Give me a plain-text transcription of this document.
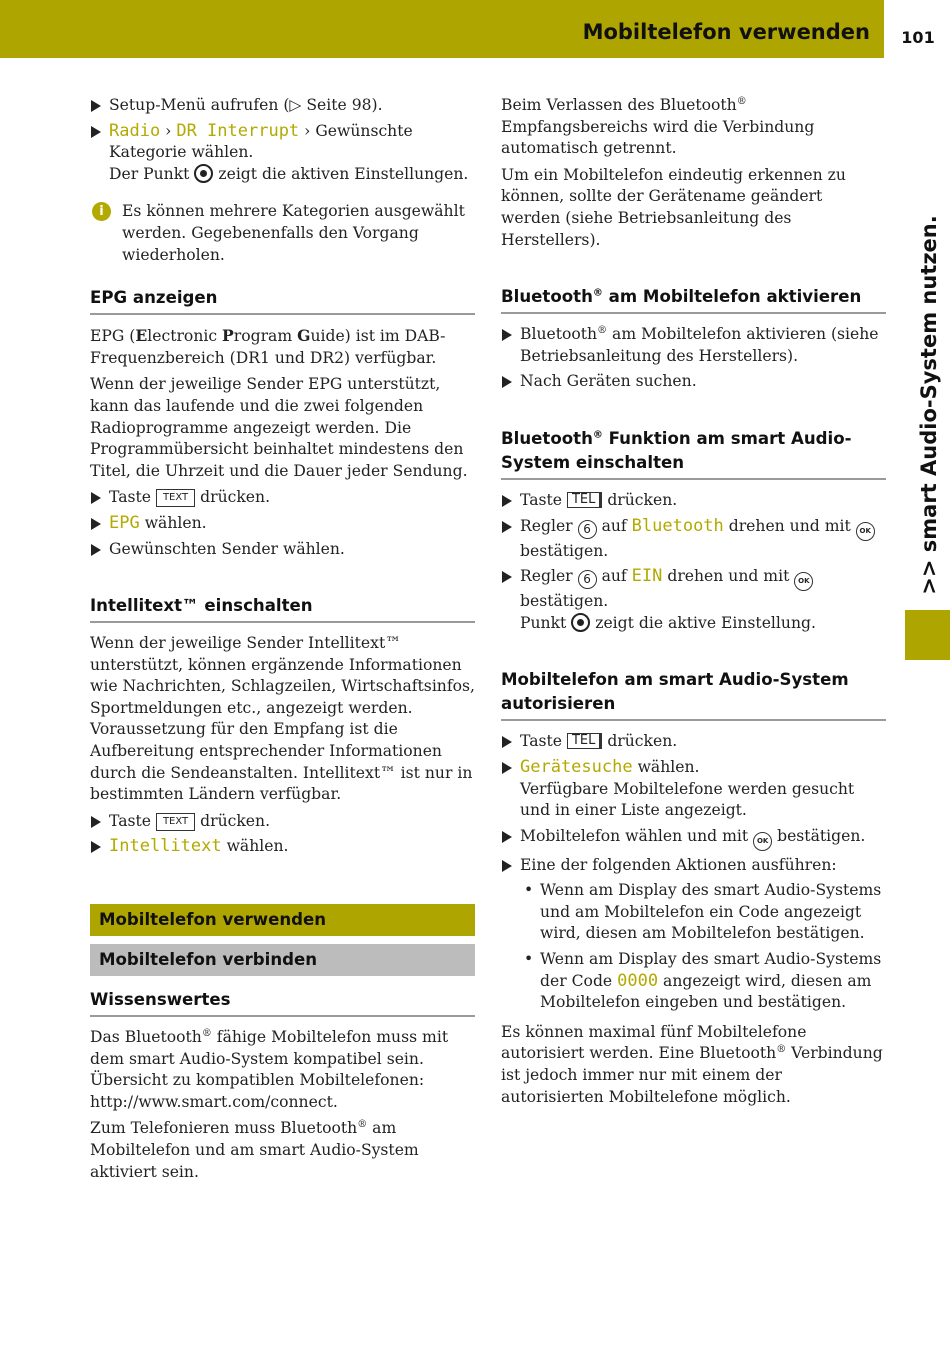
Mobiltelefon verwenden	101
>> smart Audio-System nutzen.
Setup-Menü aufrufen (▷ Seite 98).
Radio › DR Interrupt › Gewünschte Kategorie wählen.
Der Punkt zeigt die aktiven Einstellungen.
i	Es können mehrere Kategorien ausgewählt werden. Gegebenenfalls den Vorgang wiederholen.
EPG anzeigen

EPG (Electronic Program Guide) ist im DAB-Frequenzbereich (DR1 und DR2) verfügbar.

Wenn der jeweilige Sender EPG unterstützt, kann das laufende und die zwei folgenden Radioprogramme angezeigt werden. Die Programmübersicht beinhaltet mindestens den Titel, die Uhrzeit und die Dauer jeder Sendung.

Taste TEXT drücken.
EPG wählen.
Gewünschten Sender wählen.
Intellitext™ einschalten

Wenn der jeweilige Sender Intellitext™ unterstützt, können ergänzende Informationen wie Nachrichten, Schlagzeilen, Wirtschaftsinfos, Sportmeldungen etc., angezeigt werden. Voraussetzung für den Empfang ist die Aufbereitung entsprechender Informationen durch die Sendeanstalten. Intellitext™ ist nur in bestimmten Ländern verfügbar.

Taste TEXT drücken.
Intellitext wählen.
Mobiltelefon verwenden
Mobiltelefon verbinden
Wissenswertes

Das Bluetooth® fähige Mobiltelefon muss mit dem smart Audio-System kompatibel sein. Übersicht zu kompatiblen Mobiltelefonen: http://www.smart.com/connect.

Zum Telefonieren muss Bluetooth® am Mobiltelefon und am smart Audio-System aktiviert sein.

Beim Verlassen des Bluetooth® Empfangsbereichs wird die Verbindung automatisch getrennt.

Um ein Mobiltelefon eindeutig erkennen zu können, sollte der Gerätename geändert werden (siehe Betriebsanleitung des Herstellers).

Bluetooth® am Mobiltelefon aktivieren
Bluetooth® am Mobiltelefon aktivieren (siehe Betriebsanleitung des Herstellers).
Nach Geräten suchen.
Bluetooth® Funktion am smart Audio-System einschalten
Taste TEL drücken.
Regler 6 auf Bluetooth drehen und mit OK bestätigen.
Regler 6 auf EIN drehen und mit OK bestätigen.
Punkt zeigt die aktive Einstellung.
Mobiltelefon am smart Audio-System autorisieren
Taste TEL drücken.
Gerätesuche wählen.
Verfügbare Mobiltelefone werden gesucht und in einer Liste angezeigt.
Mobiltelefon wählen und mit OK bestätigen.
Eine der folgenden Aktionen ausführen:
• Wenn am Display des smart Audio-Systems und am Mobiltelefon ein Code angezeigt wird, diesen am Mobiltelefon bestätigen.
• Wenn am Display des smart Audio-Systems der Code 0000 angezeigt wird, diesen am Mobiltelefon eingeben und bestätigen.

Es können maximal fünf Mobiltelefone autorisiert werden. Eine Bluetooth® Verbindung ist jedoch immer nur mit einem der autorisierten Mobiltelefone möglich.
